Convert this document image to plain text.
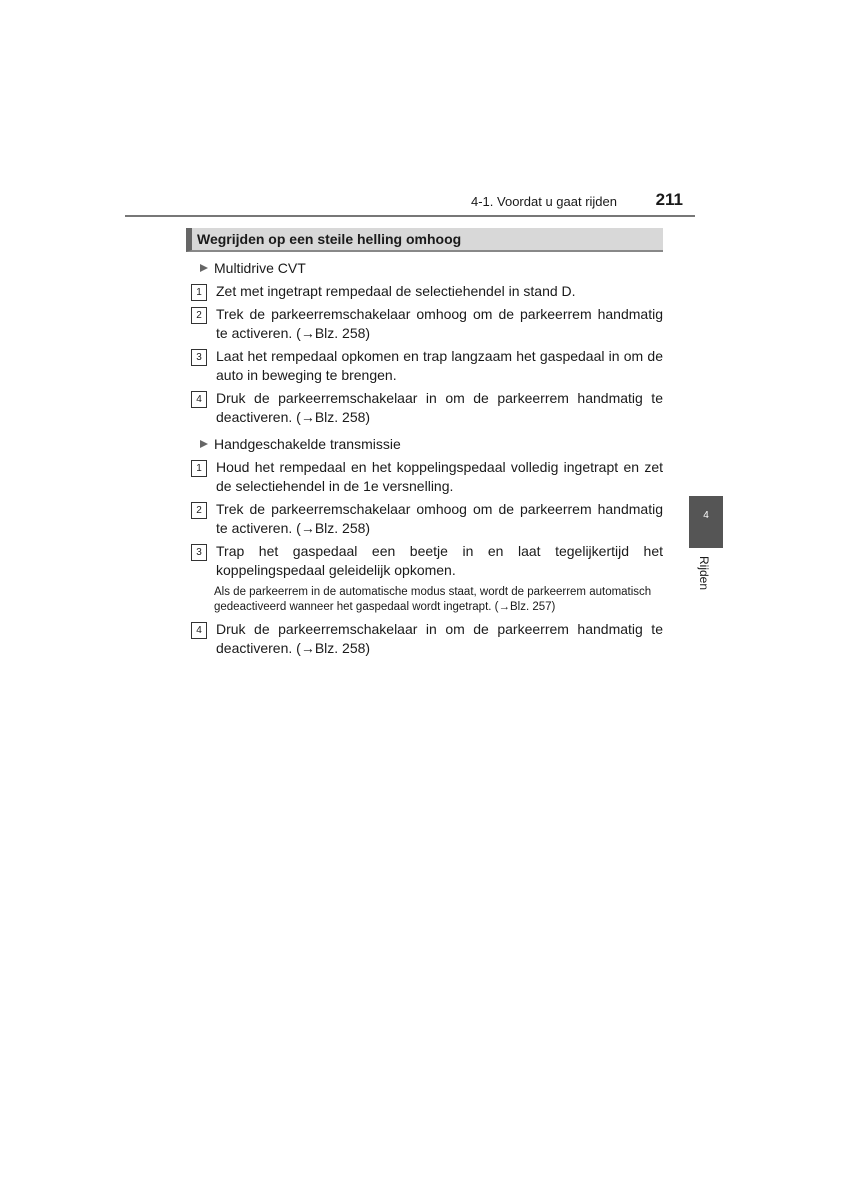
4-1. Voordat u gaat rijden 211
Wegrijden op een steile helling omhoog
Multidrive CVT
1	Zet met ingetrapt rempedaal de selectiehendel in stand D.
2	Trek de parkeerremschakelaar omhoog om de parkeerrem handmatig te activeren. (→Blz. 258)
3	Laat het rempedaal opkomen en trap langzaam het gaspedaal in om de auto in beweging te brengen.
4	Druk de parkeerremschakelaar in om de parkeerrem handmatig te deactiveren. (→Blz. 258)
Handgeschakelde transmissie
1	Houd het rempedaal en het koppelingspedaal volledig ingetrapt en zet de selectiehendel in de 1e versnelling.
2	Trek de parkeerremschakelaar omhoog om de parkeerrem handmatig te activeren. (→Blz. 258)
3	Trap het gaspedaal een beetje in en laat tegelijkertijd het koppelingspedaal geleidelijk opkomen.
Als de parkeerrem in de automatische modus staat, wordt de parkeerrem automatisch gedeactiveerd wanneer het gaspedaal wordt ingetrapt. (→Blz. 257)
4	Druk de parkeerremschakelaar in om de parkeerrem handmatig te deactiveren. (→Blz. 258)
4
Rijden
